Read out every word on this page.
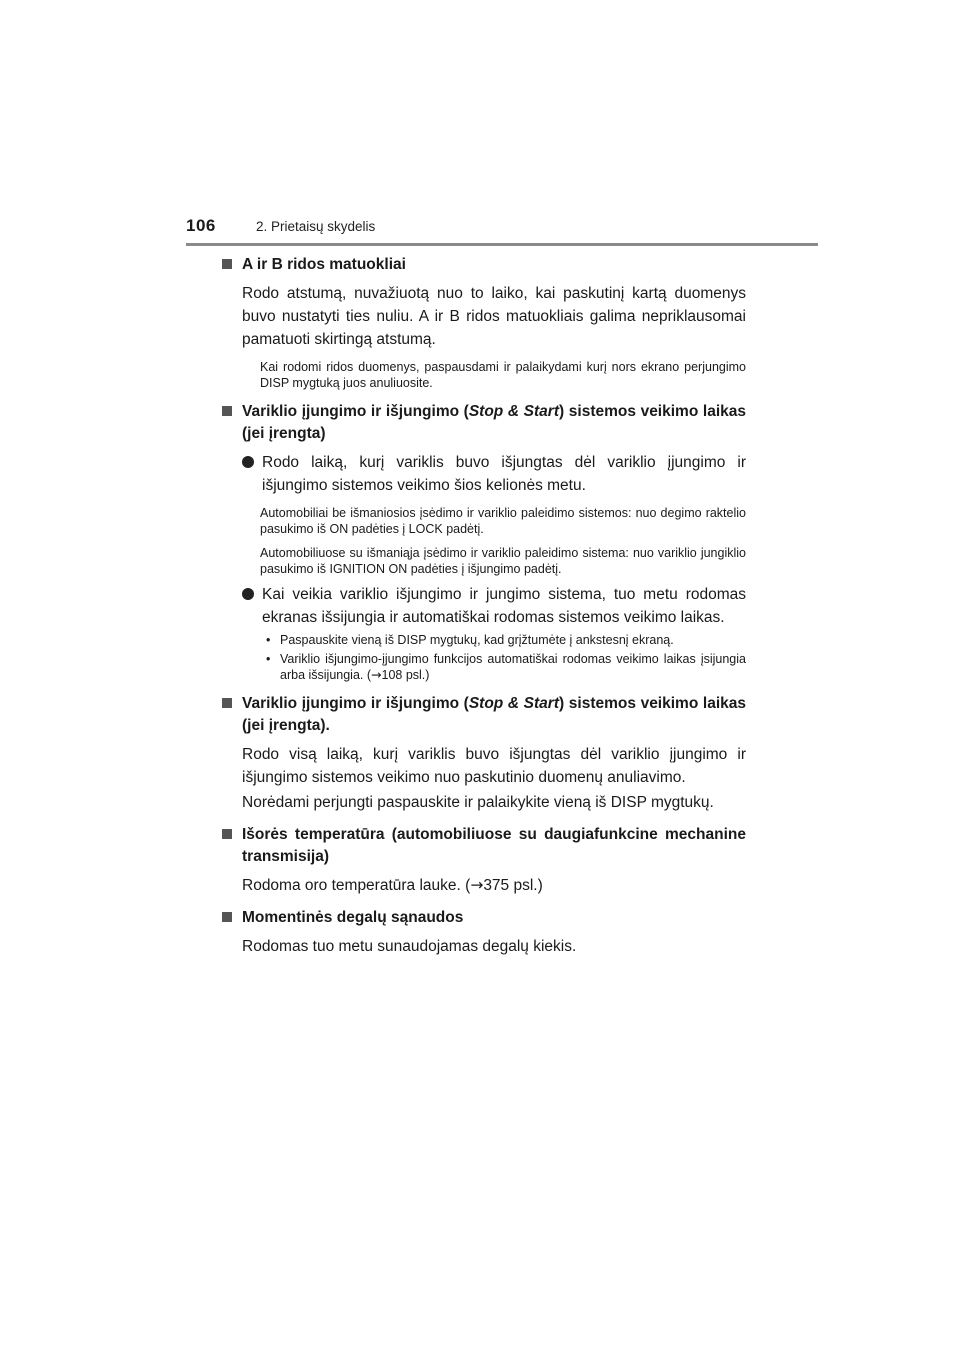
106	2. Prietaisų skydelis
A ir B ridos matuokliai
Rodo atstumą, nuvažiuotą nuo to laiko, kai paskutinį kartą duomenys buvo nustatyti ties nuliu. A ir B ridos matuokliais galima nepriklausomai pamatuoti skirtingą atstumą.
Kai rodomi ridos duomenys, paspausdami ir palaikydami kurį nors ekrano perjungimo DISP mygtuką juos anuliuosite.
Variklio įjungimo ir išjungimo (Stop & Start) sistemos veikimo laikas (jei įrengta)
Rodo laiką, kurį variklis buvo išjungtas dėl variklio įjungimo ir išjungimo sistemos veikimo šios kelionės metu.
Automobiliai be išmaniosios įsėdimo ir variklio paleidimo sistemos: nuo degimo raktelio pasukimo iš ON padėties į LOCK padėtį.
Automobiliuose su išmaniąja įsėdimo ir variklio paleidimo sistema: nuo variklio jungiklio pasukimo iš IGNITION ON padėties į išjungimo padėtį.
Kai veikia variklio išjungimo ir jungimo sistema, tuo metu rodomas ekranas išsijungia ir automatiškai rodomas sistemos veikimo laikas.
• Paspauskite vieną iš DISP mygtukų, kad grįžtumėte į ankstesnį ekraną.
• Variklio išjungimo-įjungimo funkcijos automatiškai rodomas veikimo laikas įsijungia arba išsijungia. (→108 psl.)
Variklio įjungimo ir išjungimo (Stop & Start) sistemos veikimo laikas (jei įrengta).
Rodo visą laiką, kurį variklis buvo išjungtas dėl variklio įjungimo ir išjungimo sistemos veikimo nuo paskutinio duomenų anuliavimo.
Norėdami perjungti paspauskite ir palaikykite vieną iš DISP mygtukų.
Išorės temperatūra (automobiliuose su daugiafunkcine mechanine transmisija)
Rodoma oro temperatūra lauke. (→375 psl.)
Momentinės degalų sąnaudos
Rodomas tuo metu sunaudojamas degalų kiekis.
